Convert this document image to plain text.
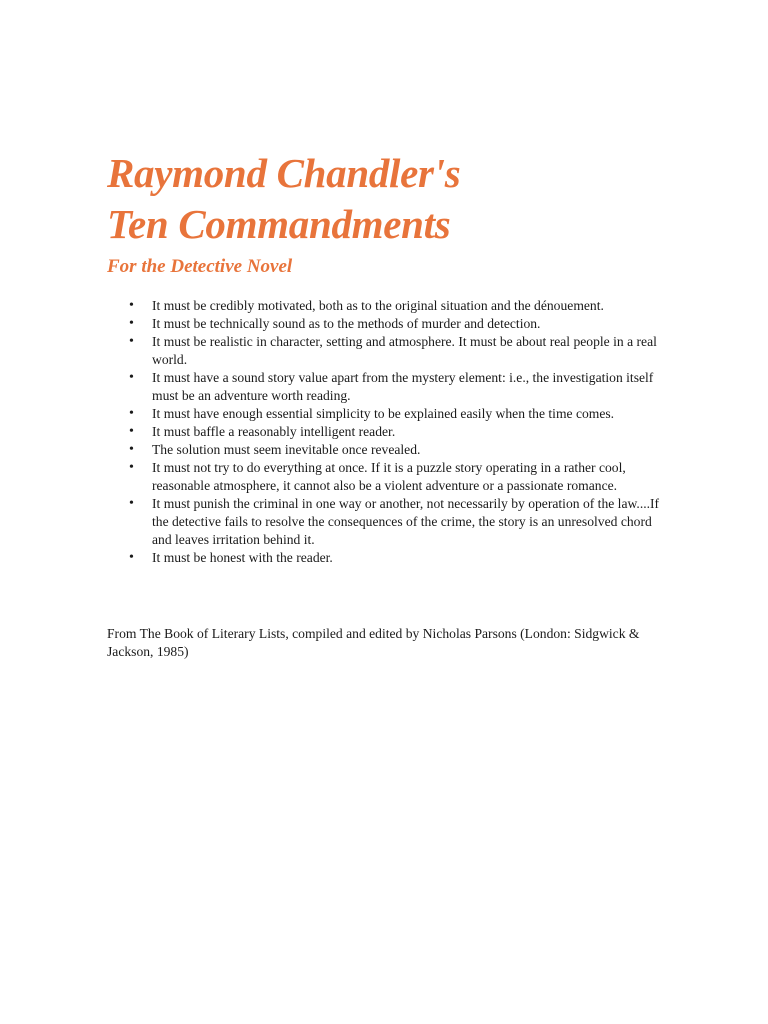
Raymond Chandler's
Ten Commandments
For the Detective Novel
• It must be credibly motivated, both as to the original situation and the dénouement.
• It must be technically sound as to the methods of murder and detection.
• It must be realistic in character, setting and atmosphere. It must be about real people in a real world.
• It must have a sound story value apart from the mystery element: i.e., the investigation itself must be an adventure worth reading.
• It must have enough essential simplicity to be explained easily when the time comes.
• It must baffle a reasonably intelligent reader.
• The solution must seem inevitable once revealed.
• It must not try to do everything at once. If it is a puzzle story operating in a rather cool, reasonable atmosphere, it cannot also be a violent adventure or a passionate romance.
• It must punish the criminal in one way or another, not necessarily by operation of the law....If the detective fails to resolve the consequences of the crime, the story is an unresolved chord and leaves irritation behind it.
• It must be honest with the reader.

From The Book of Literary Lists, compiled and edited by Nicholas Parsons (London: Sidgwick & Jackson, 1985)
